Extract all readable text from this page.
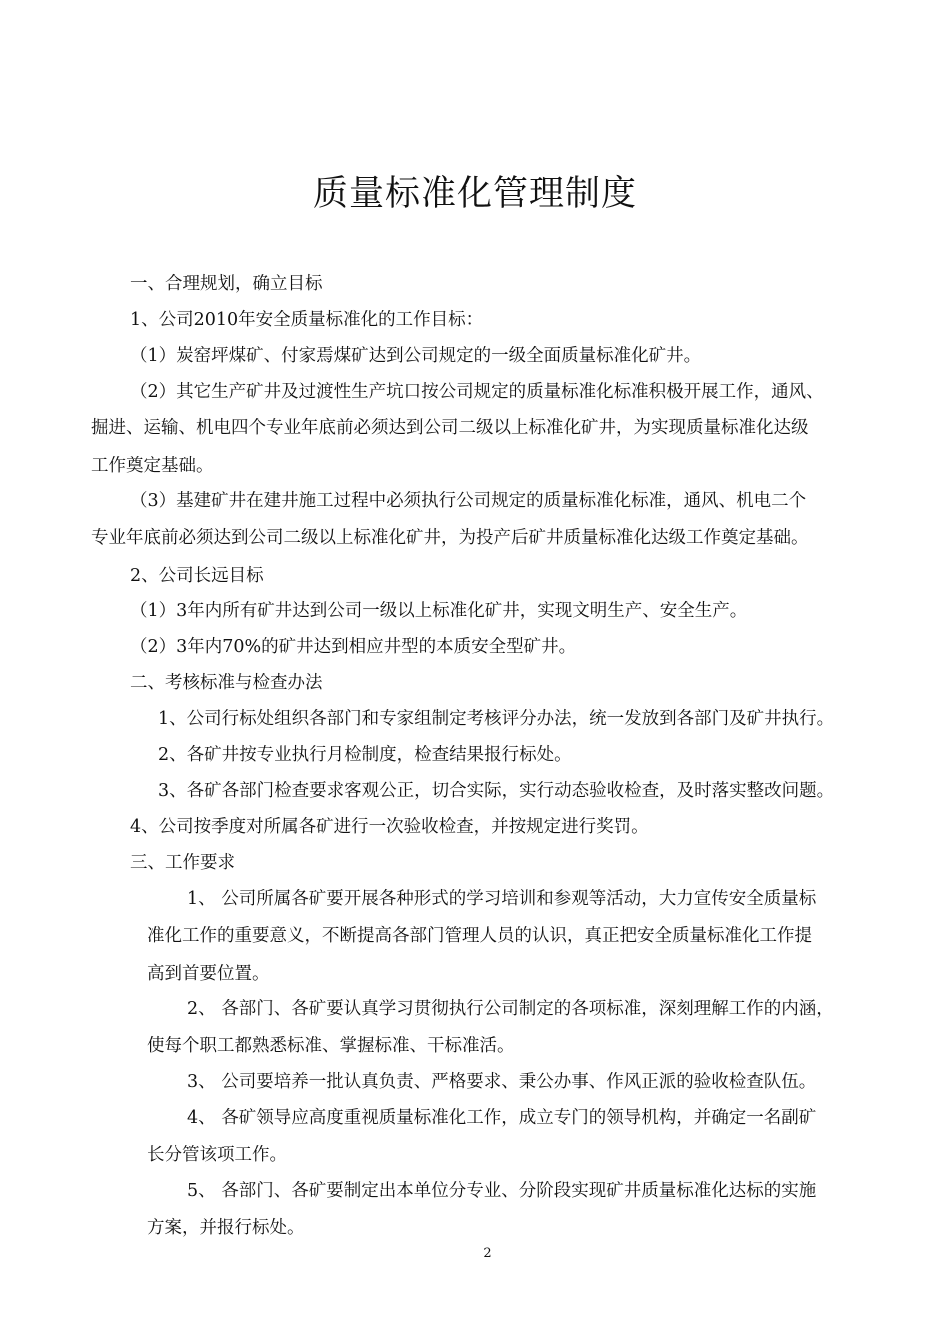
质量标准化管理制度

一、合理规划，确立目标

1、公司2010年安全质量标准化的工作目标：

（1）炭窑坪煤矿、付家焉煤矿达到公司规定的一级全面质量标准化矿井。

（2）其它生产矿井及过渡性生产坑口按公司规定的质量标准化标准积极开展工作，通风、

掘进、运输、机电四个专业年底前必须达到公司二级以上标准化矿井，为实现质量标准化达级

工作奠定基础。

（3）基建矿井在建井施工过程中必须执行公司规定的质量标准化标准，通风、机电二个

专业年底前必须达到公司二级以上标准化矿井，为投产后矿井质量标准化达级工作奠定基础。

2、公司长远目标

（1）3年内所有矿井达到公司一级以上标准化矿井，实现文明生产、安全生产。

（2）3年内70%的矿井达到相应井型的本质安全型矿井。

二、考核标准与检查办法

1、公司行标处组织各部门和专家组制定考核评分办法，统一发放到各部门及矿井执行。

2、各矿井按专业执行月检制度，检查结果报行标处。

3、各矿各部门检查要求客观公正，切合实际，实行动态验收检查，及时落实整改问题。

4、公司按季度对所属各矿进行一次验收检查，并按规定进行奖罚。

三、工作要求

1、 公司所属各矿要开展各种形式的学习培训和参观等活动，大力宣传安全质量标

准化工作的重要意义，不断提高各部门管理人员的认识，真正把安全质量标准化工作提

高到首要位置。

2、 各部门、各矿要认真学习贯彻执行公司制定的各项标准，深刻理解工作的内涵，

使每个职工都熟悉标准、掌握标准、干标准活。

3、 公司要培养一批认真负责、严格要求、秉公办事、作风正派的验收检查队伍。

4、 各矿领导应高度重视质量标准化工作，成立专门的领导机构，并确定一名副矿

长分管该项工作。

5、 各部门、各矿要制定出本单位分专业、分阶段实现矿井质量标准化达标的实施

方案，并报行标处。

2
